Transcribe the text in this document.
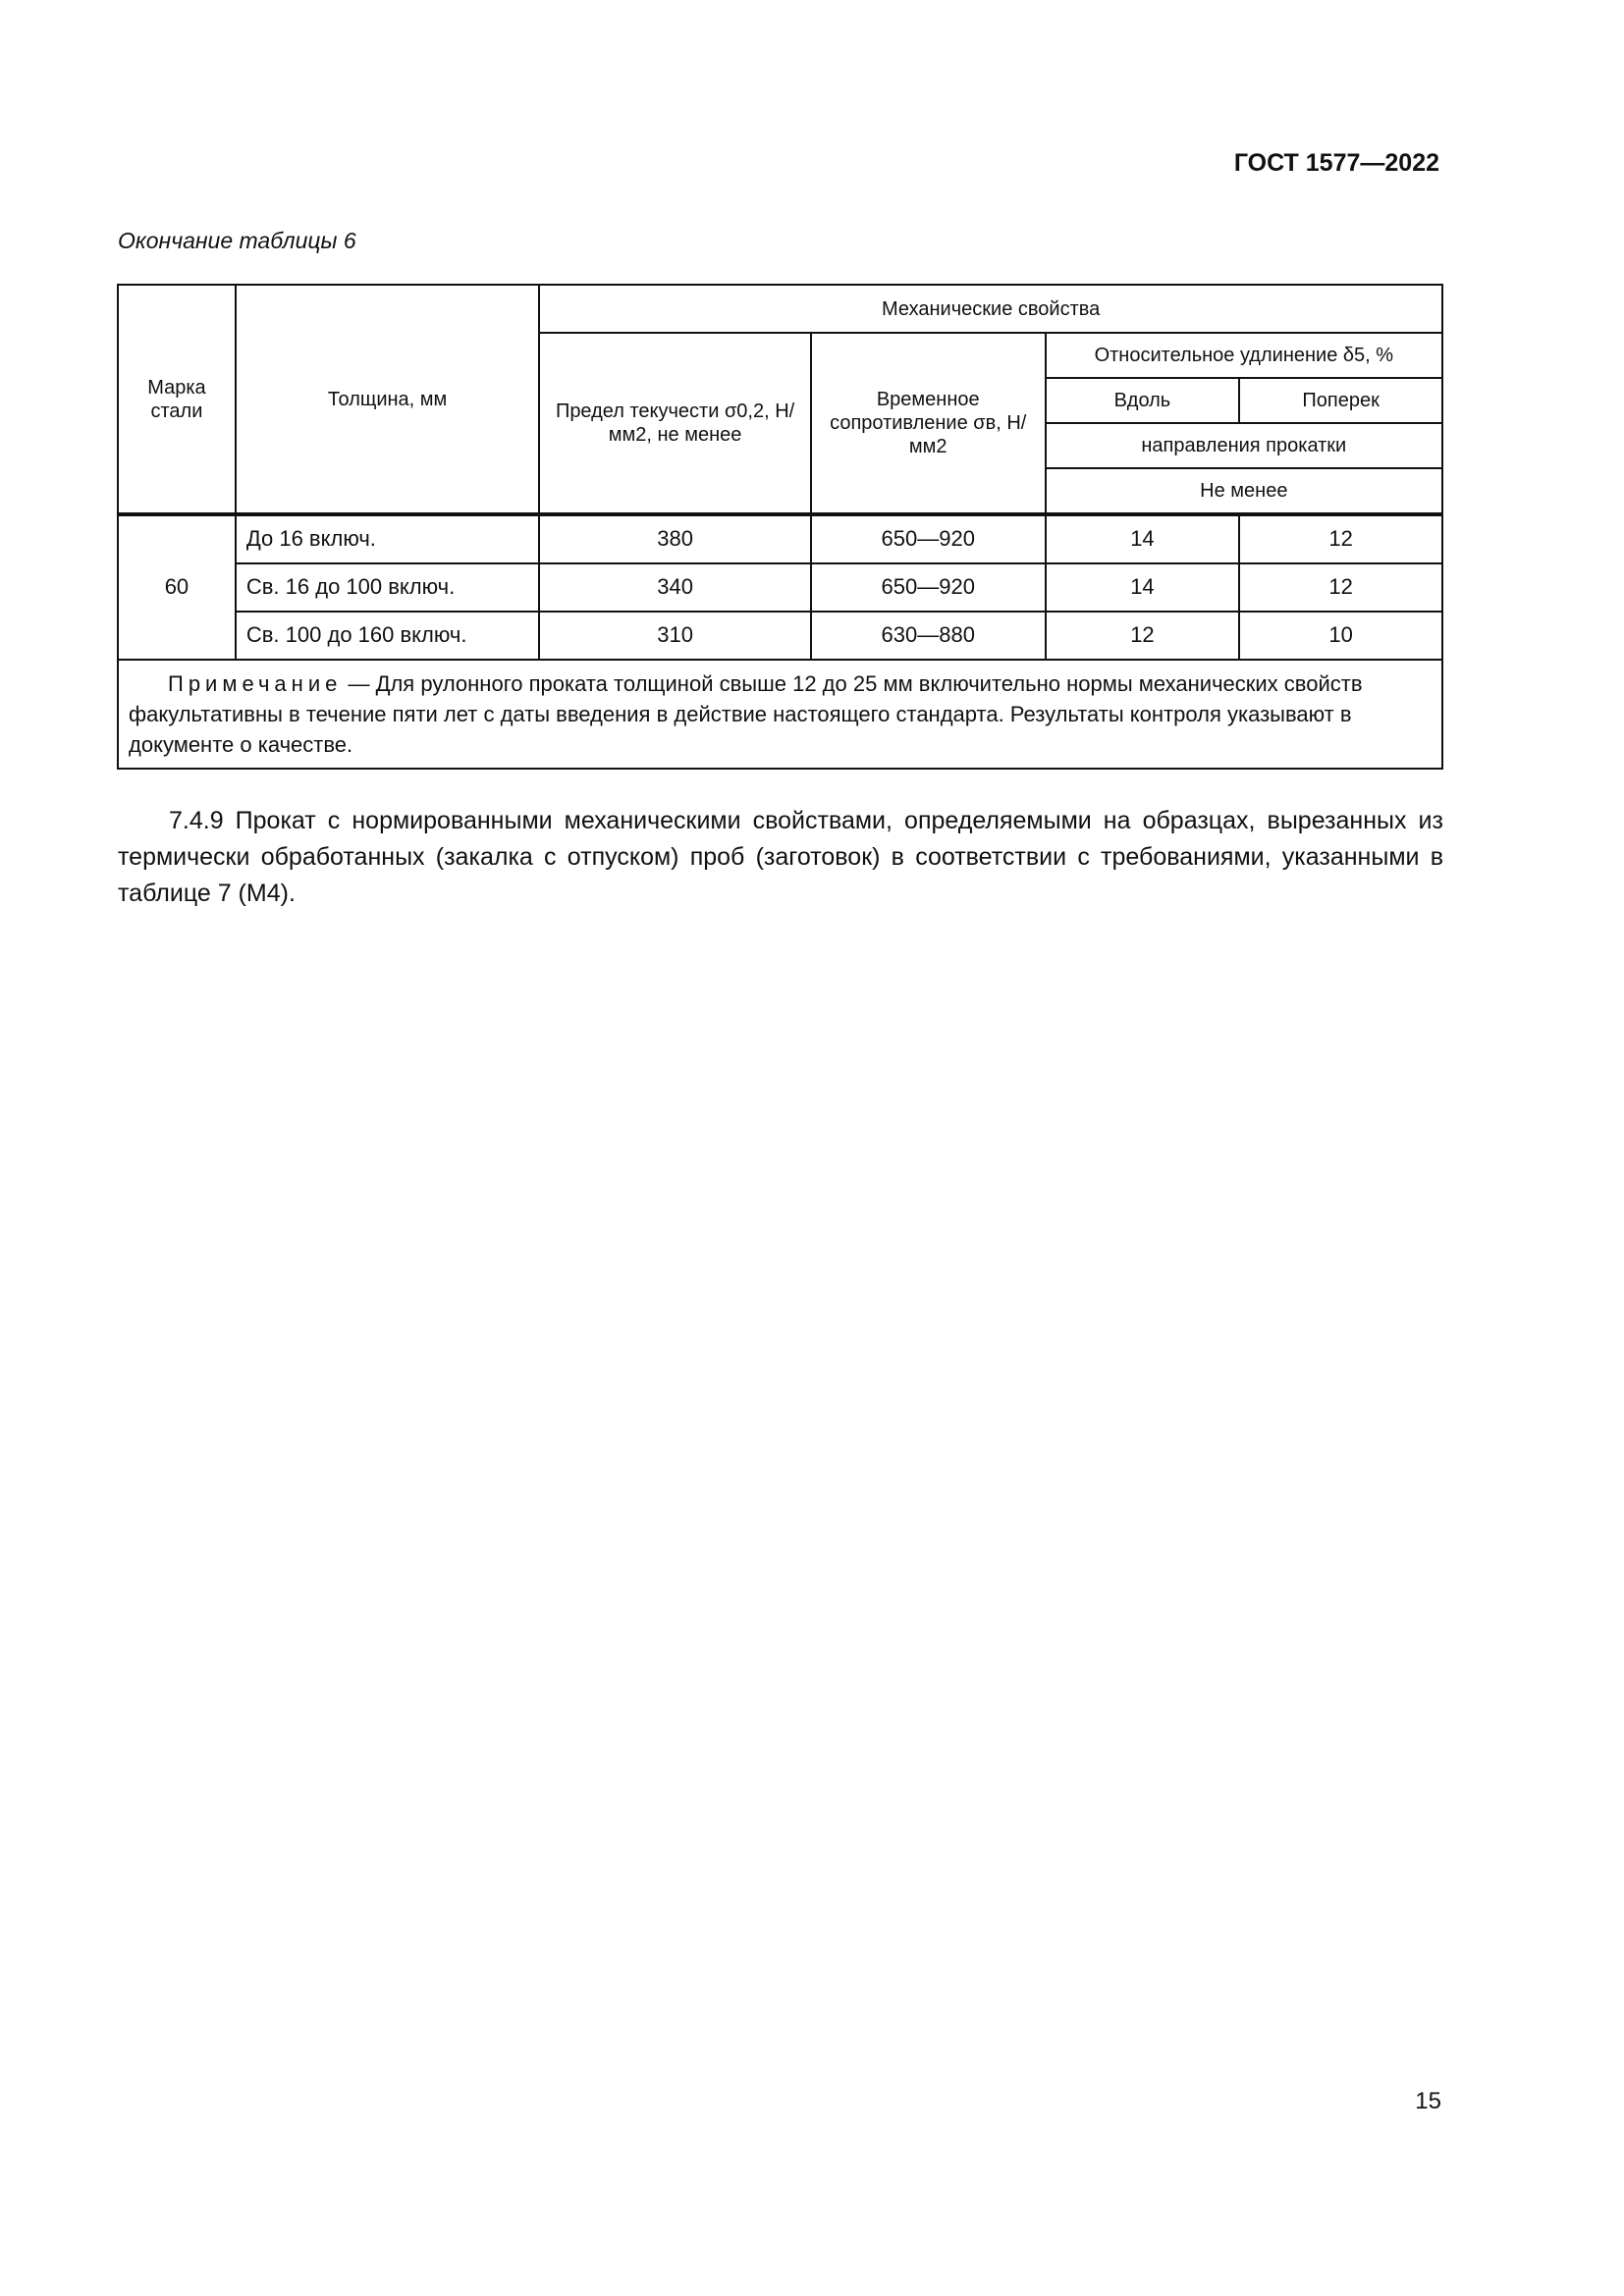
ГОСТ 1577—2022
Окончание таблицы 6
Марка стали	Толщина, мм	Механические свойства			
		Предел текучести σ0,2, Н/мм2, не менее	Временное сопротивление σв, Н/мм2	Относительное удлинение δ5, %	
				Вдоль	Поперек
				направления прокатки	
				Не менее	
60	До 16 включ.	380	650—920	14	12
	Св. 16 до 100 включ.	340	650—920	14	12
	Св. 100 до 160 включ.	310	630—880	12	10
Примечание — Для рулонного проката толщиной свыше 12 до 25 мм включительно нормы механических свойств факультативны в течение пяти лет с даты введения в действие настоящего стандарта. Результаты контроля указывают в документе о качестве.					
7.4.9 Прокат с нормированными механическими свойствами, определяемыми на образцах, вырезанных из термически обработанных (закалка с отпуском) проб (заготовок) в соответствии с требованиями, указанными в таблице 7 (М4).
15
